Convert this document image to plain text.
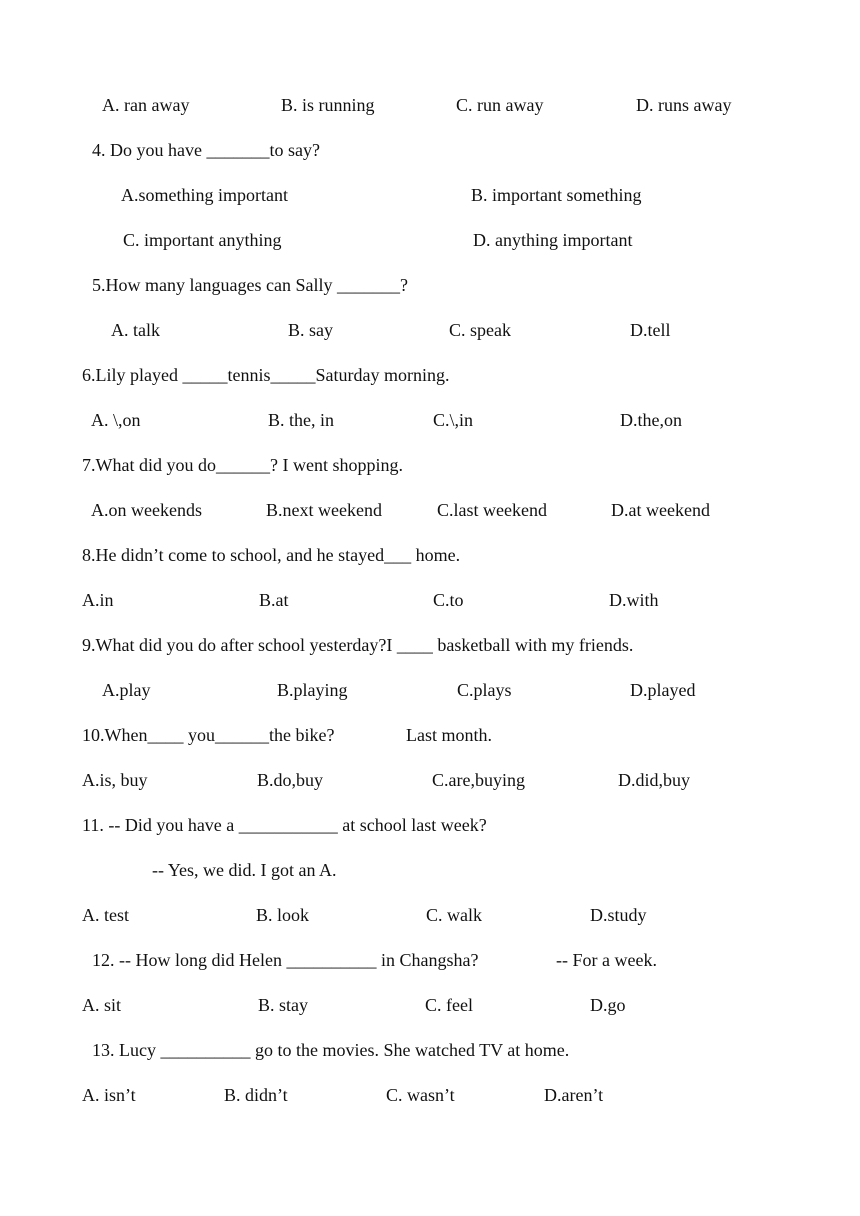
A. ran away	B. is running	C. run away	D. runs away
4. Do you have _______to say?
A.something important	B. important something
C. important anything	D. anything important
5.How many languages can Sally _______?
A. talk	B. say	C. speak	D.tell
6.Lily played _____tennis_____Saturday morning.
A. \,on	B. the, in	C.\,in	D.the,on
7.What did you do______? I went shopping.
A.on weekends	B.next weekend	C.last weekend	D.at weekend
8.He didn’t come to school, and he stayed___ home.
A.in	B.at	C.to	D.with
9.What did you do after school yesterday?I ____ basketball with my friends.
A.play	B.playing	C.plays	D.played
10.When____ you______the bike?	Last month.
A.is, buy	B.do,buy	C.are,buying	D.did,buy
11. -- Did you have a ___________ at school last week?
-- Yes, we did. I got an A.
A. test	B. look	C. walk	D.study
12. -- How long did Helen __________ in Changsha?	-- For a week.
A. sit	B. stay	C. feel	D.go
13. Lucy __________ go to the movies. She watched TV at home.
A. isn’t	B. didn’t	C. wasn’t	D.aren’t
